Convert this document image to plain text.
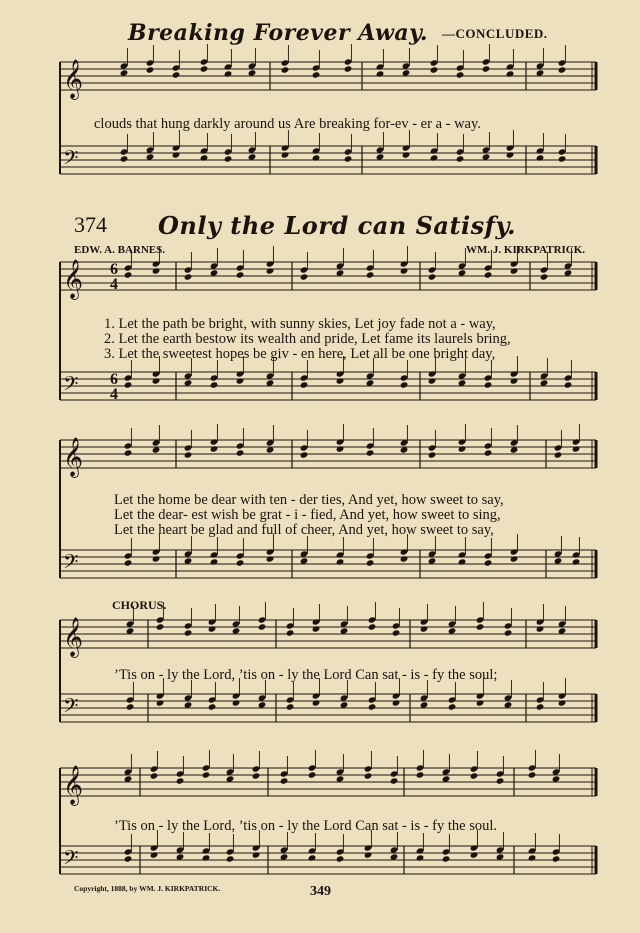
Breaking Forever Away. —CONCLUDED.
374 Only the Lord can Satisfy.
EDW. A. BARNES.	WM. J. KIRKPATRICK.
𝄞
𝄢
𝄞
𝄢
𝄞
𝄢
𝄞
𝄢
𝄞
𝄢
6
4
6
4
clouds that hung darkly around us Are breaking for-ev - er a - way.
1. Let the path be bright, with sunny skies, Let joy fade not a - way,
2. Let the earth bestow its wealth and pride, Let fame its laurels bring,
3. Let the sweetest hopes be giv - en here, Let all be one bright day,
Let the home be dear with ten - der ties, And yet, how sweet to say,
Let the dear- est wish be grat - i - fied, And yet, how sweet to sing,
Let the heart be glad and full of cheer, And yet, how sweet to say,
CHORUS.
’Tis on - ly the Lord, ’tis on - ly the Lord Can sat - is - fy the soul;
’Tis on - ly the Lord, ’tis on - ly the Lord Can sat - is - fy the soul.
Copyright, 1888, by WM. J. KIRKPATRICK.	349
